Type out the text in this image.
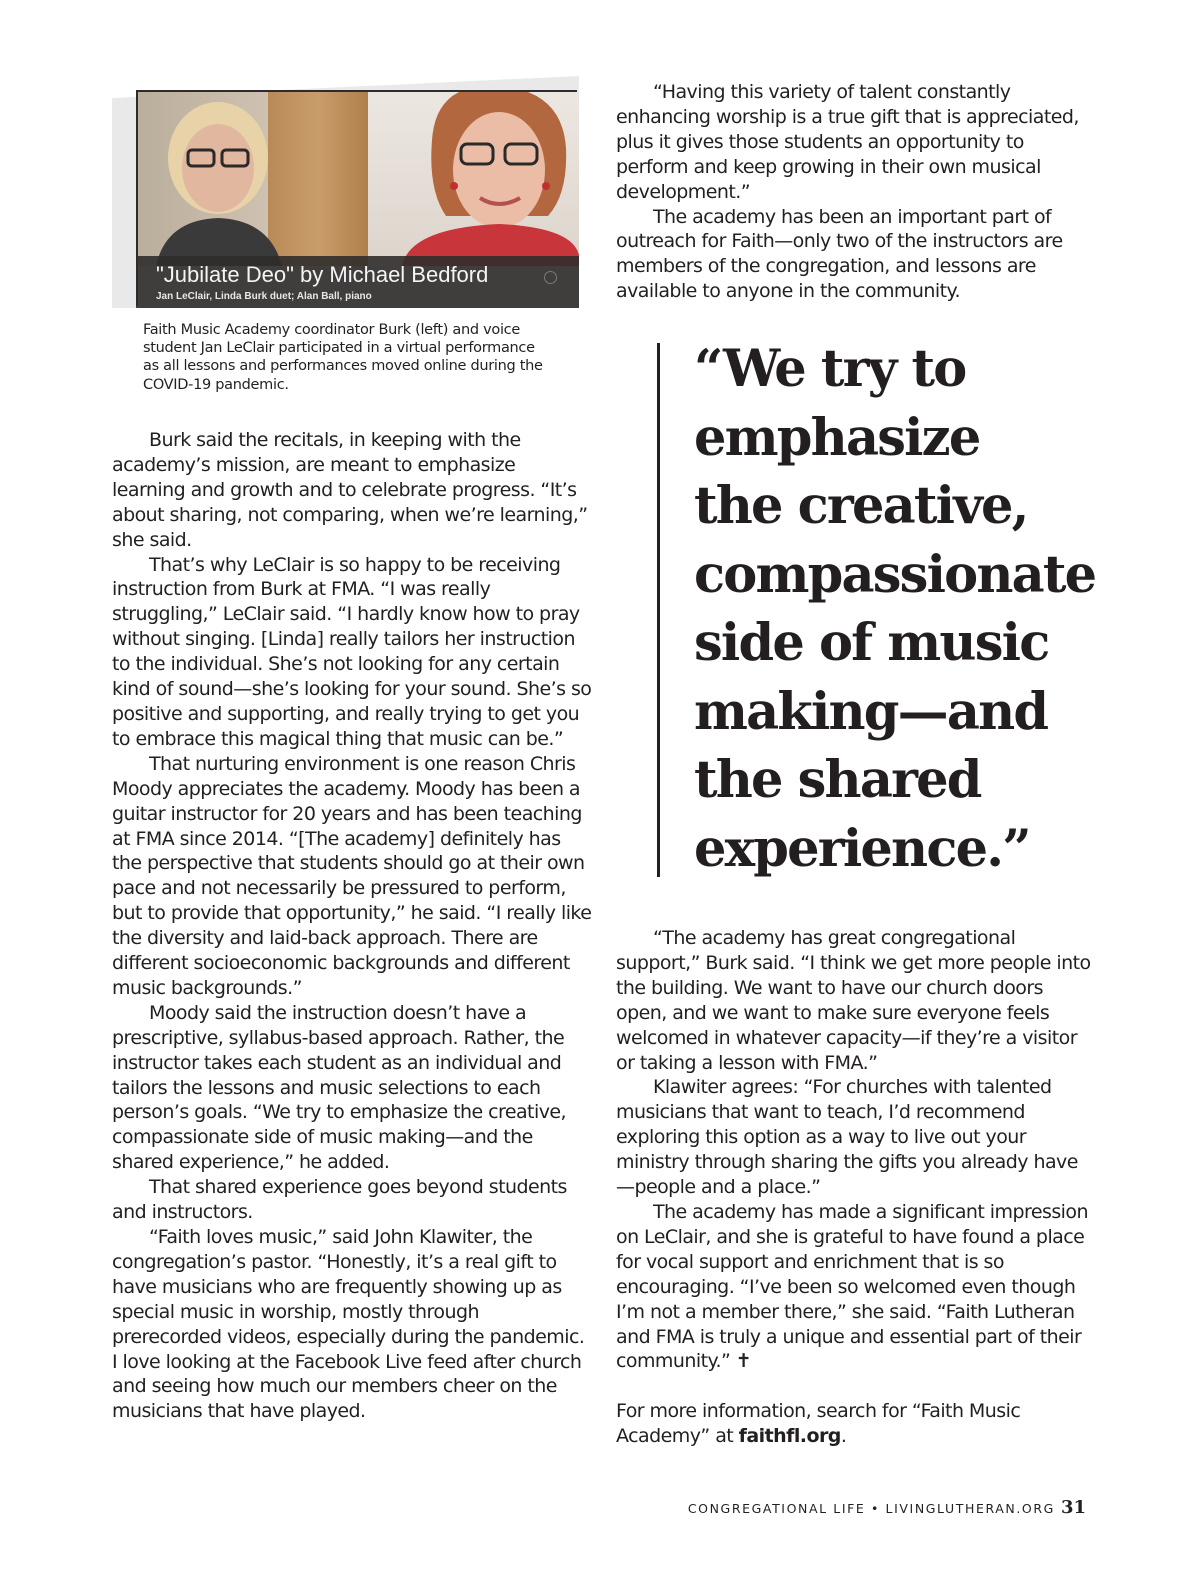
"Jubilate Deo" by Michael Bedford
Jan LeClair, Linda Burk duet; Alan Ball, piano
Faith Music Academy coordinator Burk (left) and voice student Jan LeClair participated in a virtual performance as all lessons and performances moved online during the COVID-19 pandemic.

Burk said the recitals, in keeping with the academy’s mission, are meant to emphasize learning and growth and to celebrate progress. “It’s about sharing, not comparing, when we’re learning,” she said.

That’s why LeClair is so happy to be receiving instruction from Burk at FMA. “I was really struggling,” LeClair said. “I hardly know how to pray without singing. [Linda] really tailors her instruction to the individual. She’s not looking for any certain kind of sound—she’s looking for your sound. She’s so positive and supporting, and really trying to get you to embrace this magical thing that music can be.”

That nurturing environment is one reason Chris Moody appreciates the academy. Moody has been a guitar instructor for 20 years and has been teaching at FMA since 2014. “[The academy] definitely has the perspective that students should go at their own pace and not necessarily be pressured to perform, but to provide that opportunity,” he said. “I really like the diversity and laid-back approach. There are different socioeconomic backgrounds and different music backgrounds.”

Moody said the instruction doesn’t have a prescriptive, syllabus-based approach. Rather, the instructor takes each student as an individual and tailors the lessons and music selections to each person’s goals. “We try to emphasize the creative, compassionate side of music making—and the shared experience,” he added.

That shared experience goes beyond students and instructors.

“Faith loves music,” said John Klawiter, the congregation’s pastor. “Honestly, it’s a real gift to have musicians who are frequently showing up as special music in worship, mostly through prerecorded videos, especially during the pandemic. I love looking at the Facebook Live feed after church and seeing how much our members cheer on the musicians that have played.

“Having this variety of talent constantly enhancing worship is a true gift that is appreciated, plus it gives those students an opportunity to perform and keep growing in their own musical development.”

The academy has been an important part of outreach for Faith—only two of the instructors are members of the congregation, and lessons are available to anyone in the community.

“We try to
emphasize
the creative,
compassionate
side of music
making—and
the shared
experience.”

“The academy has great congregational support,” Burk said. “I think we get more people into the building. We want to have our church doors open, and we want to make sure everyone feels welcomed in whatever capacity—if they’re a visitor or taking a lesson with FMA.”

Klawiter agrees: “For churches with talented musicians that want to teach, I’d recommend exploring this option as a way to live out your ministry through sharing the gifts you already have—people and a place.”

The academy has made a significant impression on LeClair, and she is grateful to have found a place for vocal support and enrichment that is so encouraging. “I’ve been so welcomed even though I’m not a member there,” she said. “Faith Lutheran and FMA is truly a unique and essential part of their community.” ✝

For more information, search for “Faith Music Academy” at faithfl.org.

CONGREGATIONAL LIFE • LIVINGLUTHERAN.ORG 31
